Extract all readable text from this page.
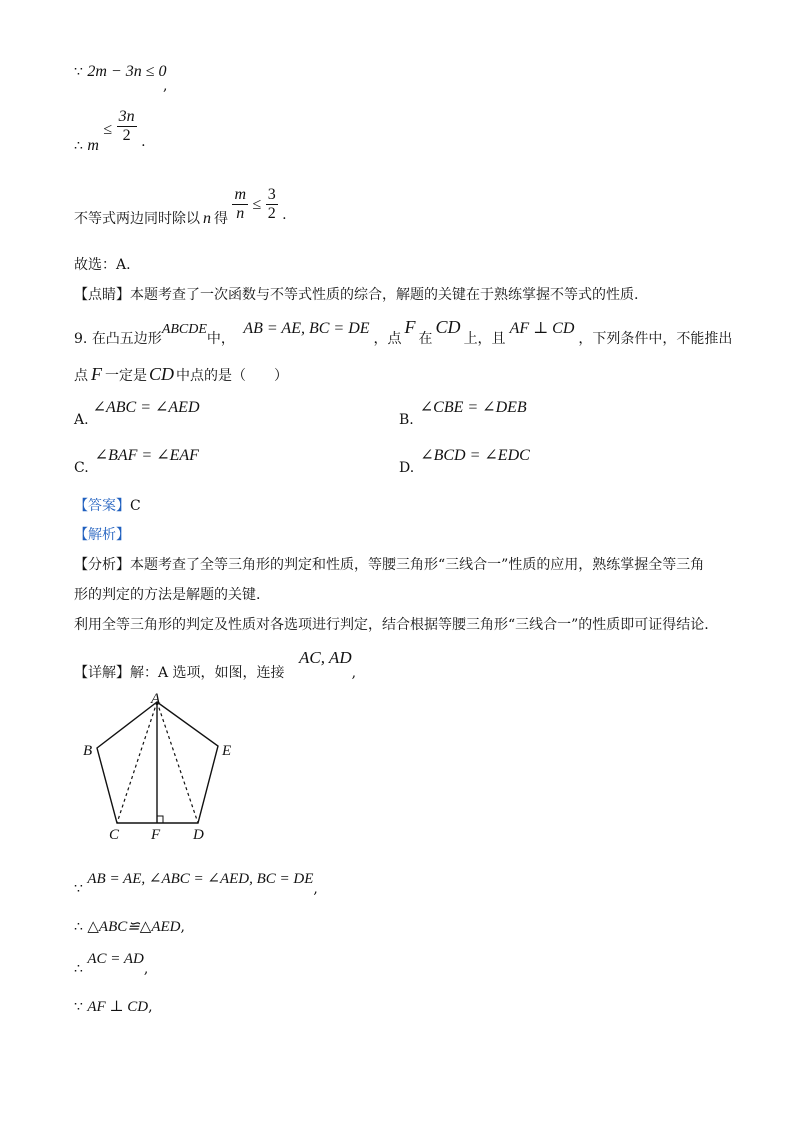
∵ 2m − 3n ≤ 0
,
∴ $m \le \frac{3n}{2}$ .
不等式两边同时除以 n 得 $\frac{m}{n} \le \frac{3}{2}$ .
故选：A.
【点睛】本题考查了一次函数与不等式性质的综合，解题的关键在于熟练掌握不等式的性质.
9. 在凸五边形ABCDE中， AB = AE, BC = DE，点F在CD上，且AF ⊥ CD，下列条件中，不能推出
点 F 一定是 CD 中点的是（　　）
A.∠ABC = ∠AED
B.∠CBE = ∠DEB
C.∠BAF = ∠EAF
D.∠BCD = ∠EDC
【答案】C
【解析】
【分析】本题考查了全等三角形的判定和性质，等腰三角形“三线合一”性质的应用，熟练掌握全等三角
形的判定的方法是解题的关键.
利用全等三角形的判定及性质对各选项进行判定，结合根据等腰三角形“三线合一”的性质即可证得结论.
【详解】解：A 选项，如图，连接 AC, AD,
A
B	E
C F D
∵ AB = AE, ∠ABC = ∠AED, BC = DE,
∴ △ABC≌△AED,
∴ AC = AD,
∵ AF ⊥ CD,
